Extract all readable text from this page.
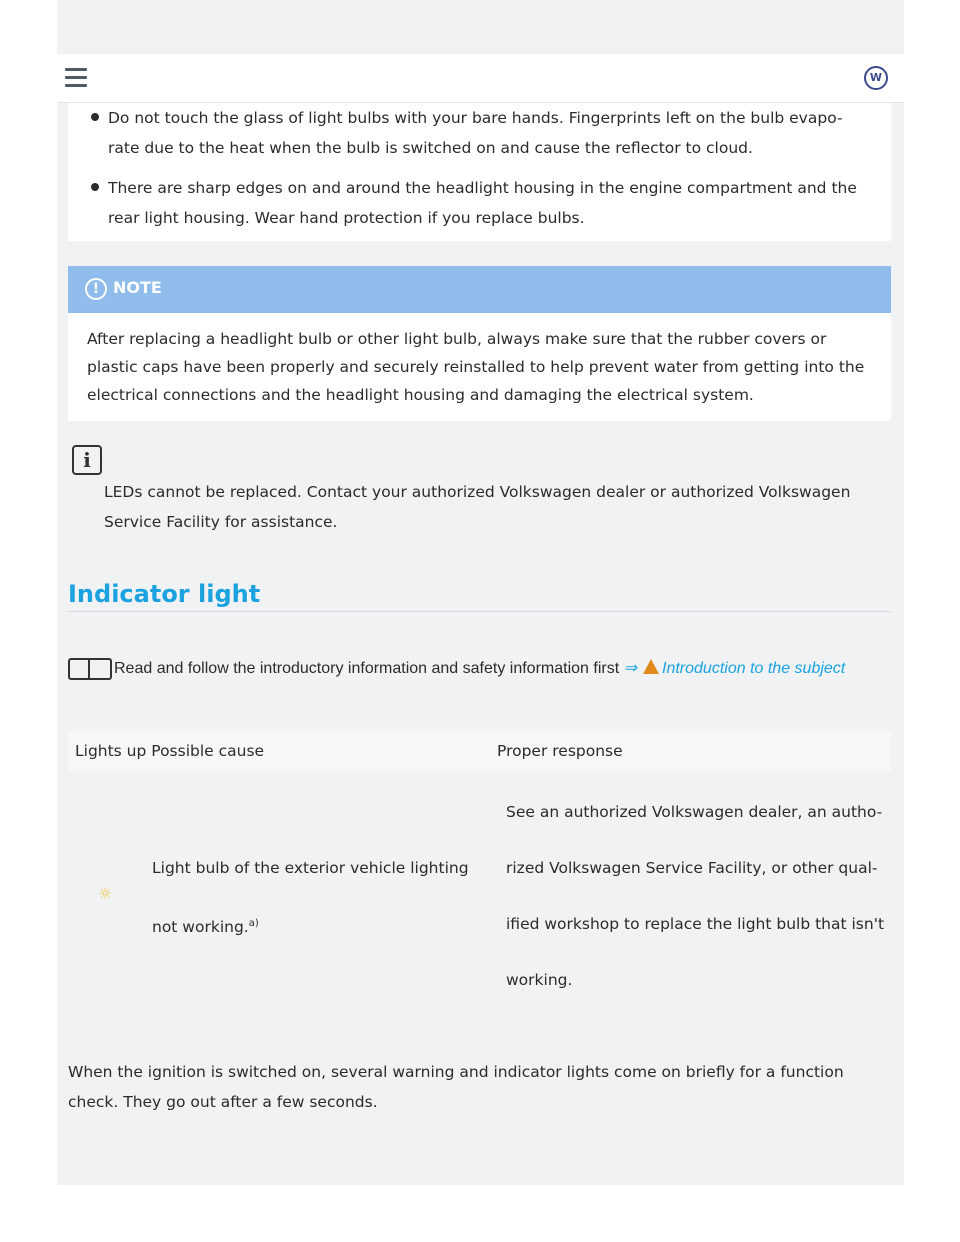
W
Do not touch the glass of light bulbs with your bare hands. Fingerprints left on the bulb evapo-rate due to the heat when the bulb is switched on and cause the reflector to cloud.
There are sharp edges on and around the headlight housing in the engine compartment and the rear light housing. Wear hand protection if you replace bulbs.
! NOTE
After replacing a headlight bulb or other light bulb, always make sure that the rubber covers or plastic caps have been properly and securely reinstalled to help prevent water from getting into the electrical connections and the headlight housing and damaging the electrical system.
i
LEDs cannot be replaced. Contact your authorized Volkswagen dealer or authorized Volkswagen Service Facility for assistance.
Indicator light
Read and follow the introductory information and safety information first ⇒ Introduction to the subject
Lights up Possible cause	Proper response
☼
Light bulb of the exterior vehicle lighting not working.$^{a)}$
See an authorized Volkswagen dealer, an autho-rized Volkswagen Service Facility, or other qual-ified workshop to replace the light bulb that isn't working.
When the ignition is switched on, several warning and indicator lights come on briefly for a function check. They go out after a few seconds.
